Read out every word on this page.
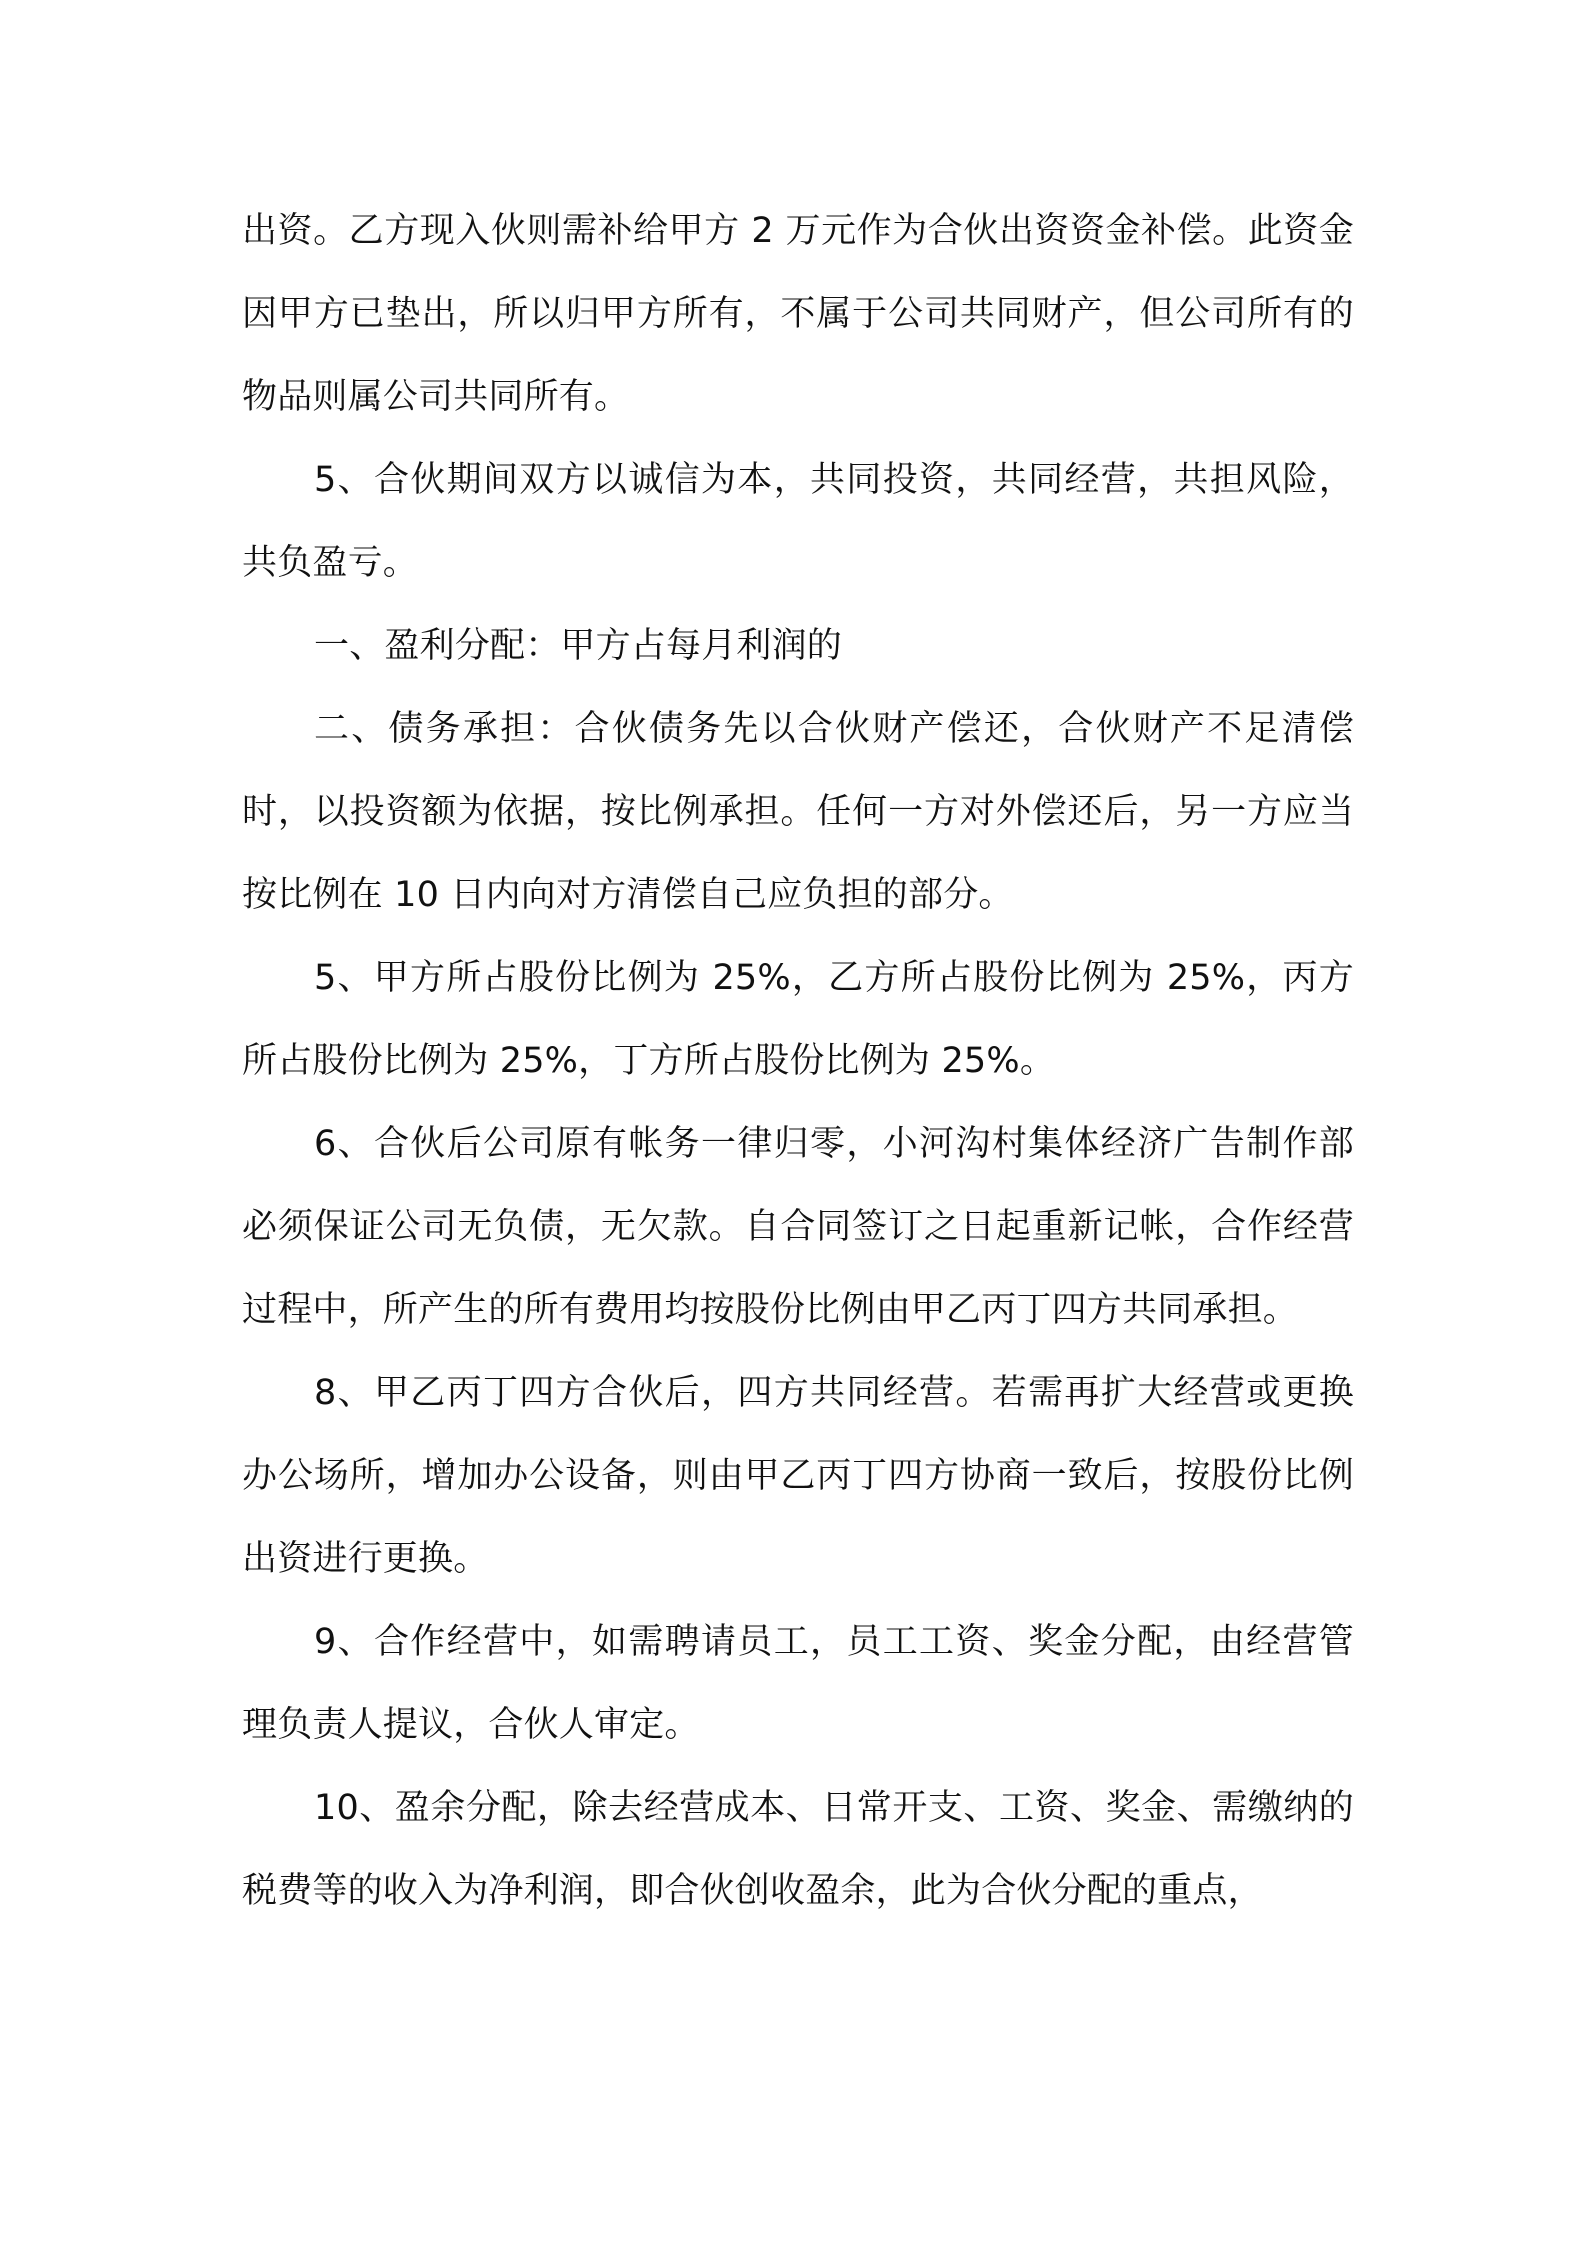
出资。乙方现入伙则需补给甲方 2 万元作为合伙出资资金补偿。此资金因甲方已垫出，所以归甲方所有，不属于公司共同财产，但公司所有的物品则属公司共同所有。

5、合伙期间双方以诚信为本，共同投资，共同经营，共担风险，共负盈亏。

一、盈利分配：甲方占每月利润的

二、债务承担：合伙债务先以合伙财产偿还，合伙财产不足清偿时，以投资额为依据，按比例承担。任何一方对外偿还后，另一方应当按比例在 10 日内向对方清偿自己应负担的部分。

5、甲方所占股份比例为 25%，乙方所占股份比例为 25%，丙方所占股份比例为 25%，丁方所占股份比例为 25%。

6、合伙后公司原有帐务一律归零，小河沟村集体经济广告制作部必须保证公司无负债，无欠款。自合同签订之日起重新记帐，合作经营过程中，所产生的所有费用均按股份比例由甲乙丙丁四方共同承担。

8、甲乙丙丁四方合伙后，四方共同经营。若需再扩大经营或更换办公场所，增加办公设备，则由甲乙丙丁四方协商一致后，按股份比例出资进行更换。

9、合作经营中，如需聘请员工，员工工资、奖金分配，由经营管理负责人提议，合伙人审定。

10、盈余分配，除去经营成本、日常开支、工资、奖金、需缴纳的税费等的收入为净利润，即合伙创收盈余，此为合伙分配的重点，
